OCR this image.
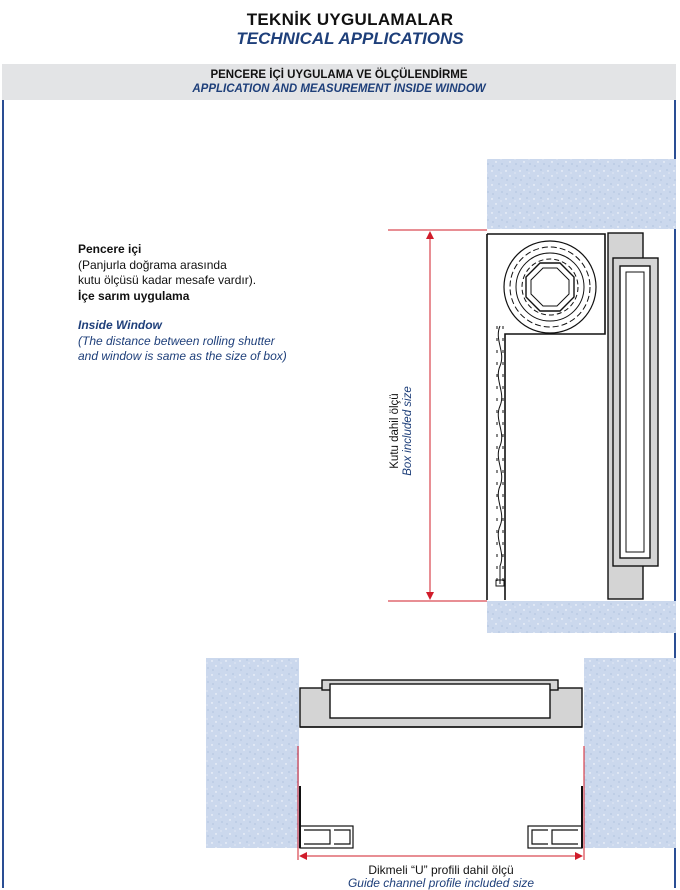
TEKNİK UYGULAMALAR
TECHNICAL APPLICATIONS
PENCERE İÇİ UYGULAMA VE ÖLÇÜLENDİRME
APPLICATION AND MEASUREMENT INSIDE WINDOW
Pencere içi
(Panjurla doğrama arasında
kutu ölçüsü kadar mesafe vardır).
İçe sarım uygulama
Inside Window
(The distance between rolling shutter
and window is same as the size of box)
Kutu dahil ölçü Box included size
Dikmeli “U” profili dahil ölçü
Guide channel profile included size
